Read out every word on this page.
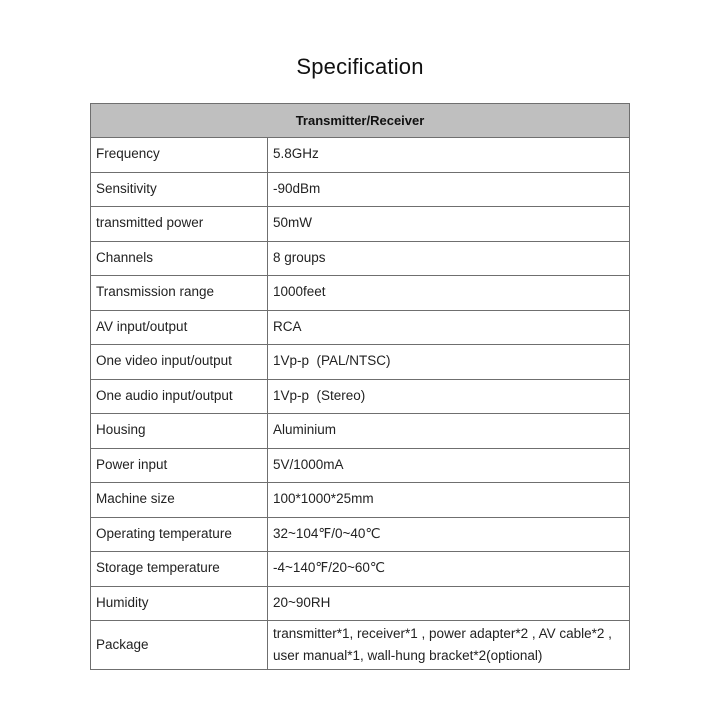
Specification
Transmitter/Receiver	
Frequency	5.8GHz
Sensitivity	-90dBm
transmitted power	50mW
Channels	8 groups
Transmission range	1000feet
AV input/output	RCA
One video input/output	1Vp-p  (PAL/NTSC)
One audio input/output	1Vp-p  (Stereo)
Housing	Aluminium
Power input	5V/1000mA
Machine size	100*1000*25mm
Operating temperature	32~104℉/0~40℃
Storage temperature	-4~140℉/20~60℃
Humidity	20~90RH
Package	transmitter*1, receiver*1 , power adapter*2 , AV cable*2 , user manual*1, wall-hung bracket*2(optional)
